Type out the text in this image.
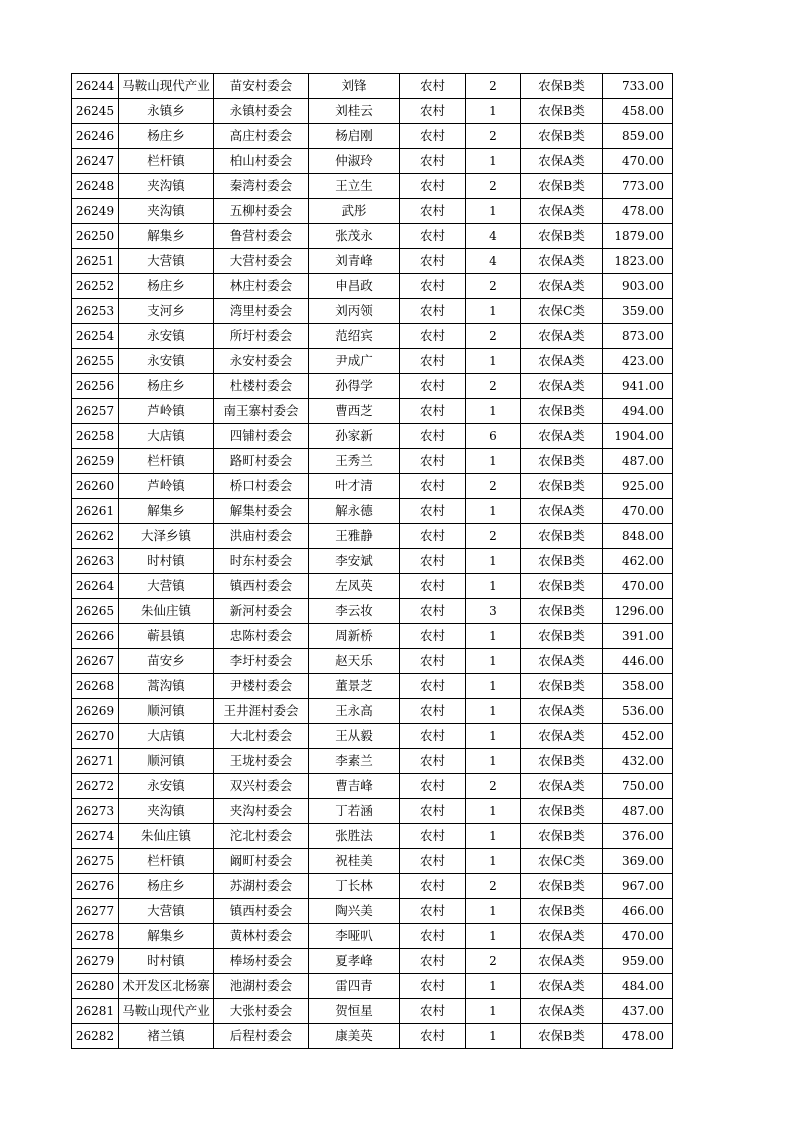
26244	马鞍山现代产业	苗安村委会	刘锋	农村	2	农保B类	733.00
26245	永镇乡	永镇村委会	刘桂云	农村	1	农保B类	458.00
26246	杨庄乡	高庄村委会	杨启刚	农村	2	农保B类	859.00
26247	栏杆镇	柏山村委会	仲淑玲	农村	1	农保A类	470.00
26248	夹沟镇	秦湾村委会	王立生	农村	2	农保B类	773.00
26249	夹沟镇	五柳村委会	武彤	农村	1	农保A类	478.00
26250	解集乡	鲁营村委会	张茂永	农村	4	农保B类	1879.00
26251	大营镇	大营村委会	刘青峰	农村	4	农保A类	1823.00
26252	杨庄乡	林庄村委会	申昌政	农村	2	农保A类	903.00
26253	支河乡	湾里村委会	刘丙领	农村	1	农保C类	359.00
26254	永安镇	所圩村委会	范绍宾	农村	2	农保A类	873.00
26255	永安镇	永安村委会	尹成广	农村	1	农保A类	423.00
26256	杨庄乡	杜楼村委会	孙得学	农村	2	农保A类	941.00
26257	芦岭镇	南王寨村委会	曹西芝	农村	1	农保B类	494.00
26258	大店镇	四铺村委会	孙家新	农村	6	农保A类	1904.00
26259	栏杆镇	路町村委会	王秀兰	农村	1	农保B类	487.00
26260	芦岭镇	桥口村委会	叶才清	农村	2	农保B类	925.00
26261	解集乡	解集村委会	解永德	农村	1	农保A类	470.00
26262	大泽乡镇	洪庙村委会	王雅静	农村	2	农保B类	848.00
26263	时村镇	时东村委会	李安斌	农村	1	农保B类	462.00
26264	大营镇	镇西村委会	左凤英	农村	1	农保B类	470.00
26265	朱仙庄镇	新河村委会	李云妆	农村	3	农保B类	1296.00
26266	蕲县镇	忠陈村委会	周新桥	农村	1	农保B类	391.00
26267	苗安乡	李圩村委会	赵天乐	农村	1	农保A类	446.00
26268	蒿沟镇	尹楼村委会	董景芝	农村	1	农保B类	358.00
26269	顺河镇	王井涯村委会	王永高	农村	1	农保A类	536.00
26270	大店镇	大北村委会	王从毅	农村	1	农保A类	452.00
26271	顺河镇	王垅村委会	李素兰	农村	1	农保B类	432.00
26272	永安镇	双兴村委会	曹吉峰	农村	2	农保A类	750.00
26273	夹沟镇	夹沟村委会	丁若涵	农村	1	农保B类	487.00
26274	朱仙庄镇	沱北村委会	张胜法	农村	1	农保B类	376.00
26275	栏杆镇	阚町村委会	祝桂美	农村	1	农保C类	369.00
26276	杨庄乡	苏湖村委会	丁长林	农村	2	农保B类	967.00
26277	大营镇	镇西村委会	陶兴美	农村	1	农保B类	466.00
26278	解集乡	黄林村委会	李哑叭	农村	1	农保A类	470.00
26279	时村镇	棒场村委会	夏孝峰	农村	2	农保A类	959.00
26280	术开发区北杨寨	池湖村委会	雷四青	农村	1	农保A类	484.00
26281	马鞍山现代产业	大张村委会	贺恒星	农村	1	农保A类	437.00
26282	褚兰镇	后程村委会	康美英	农村	1	农保B类	478.00
